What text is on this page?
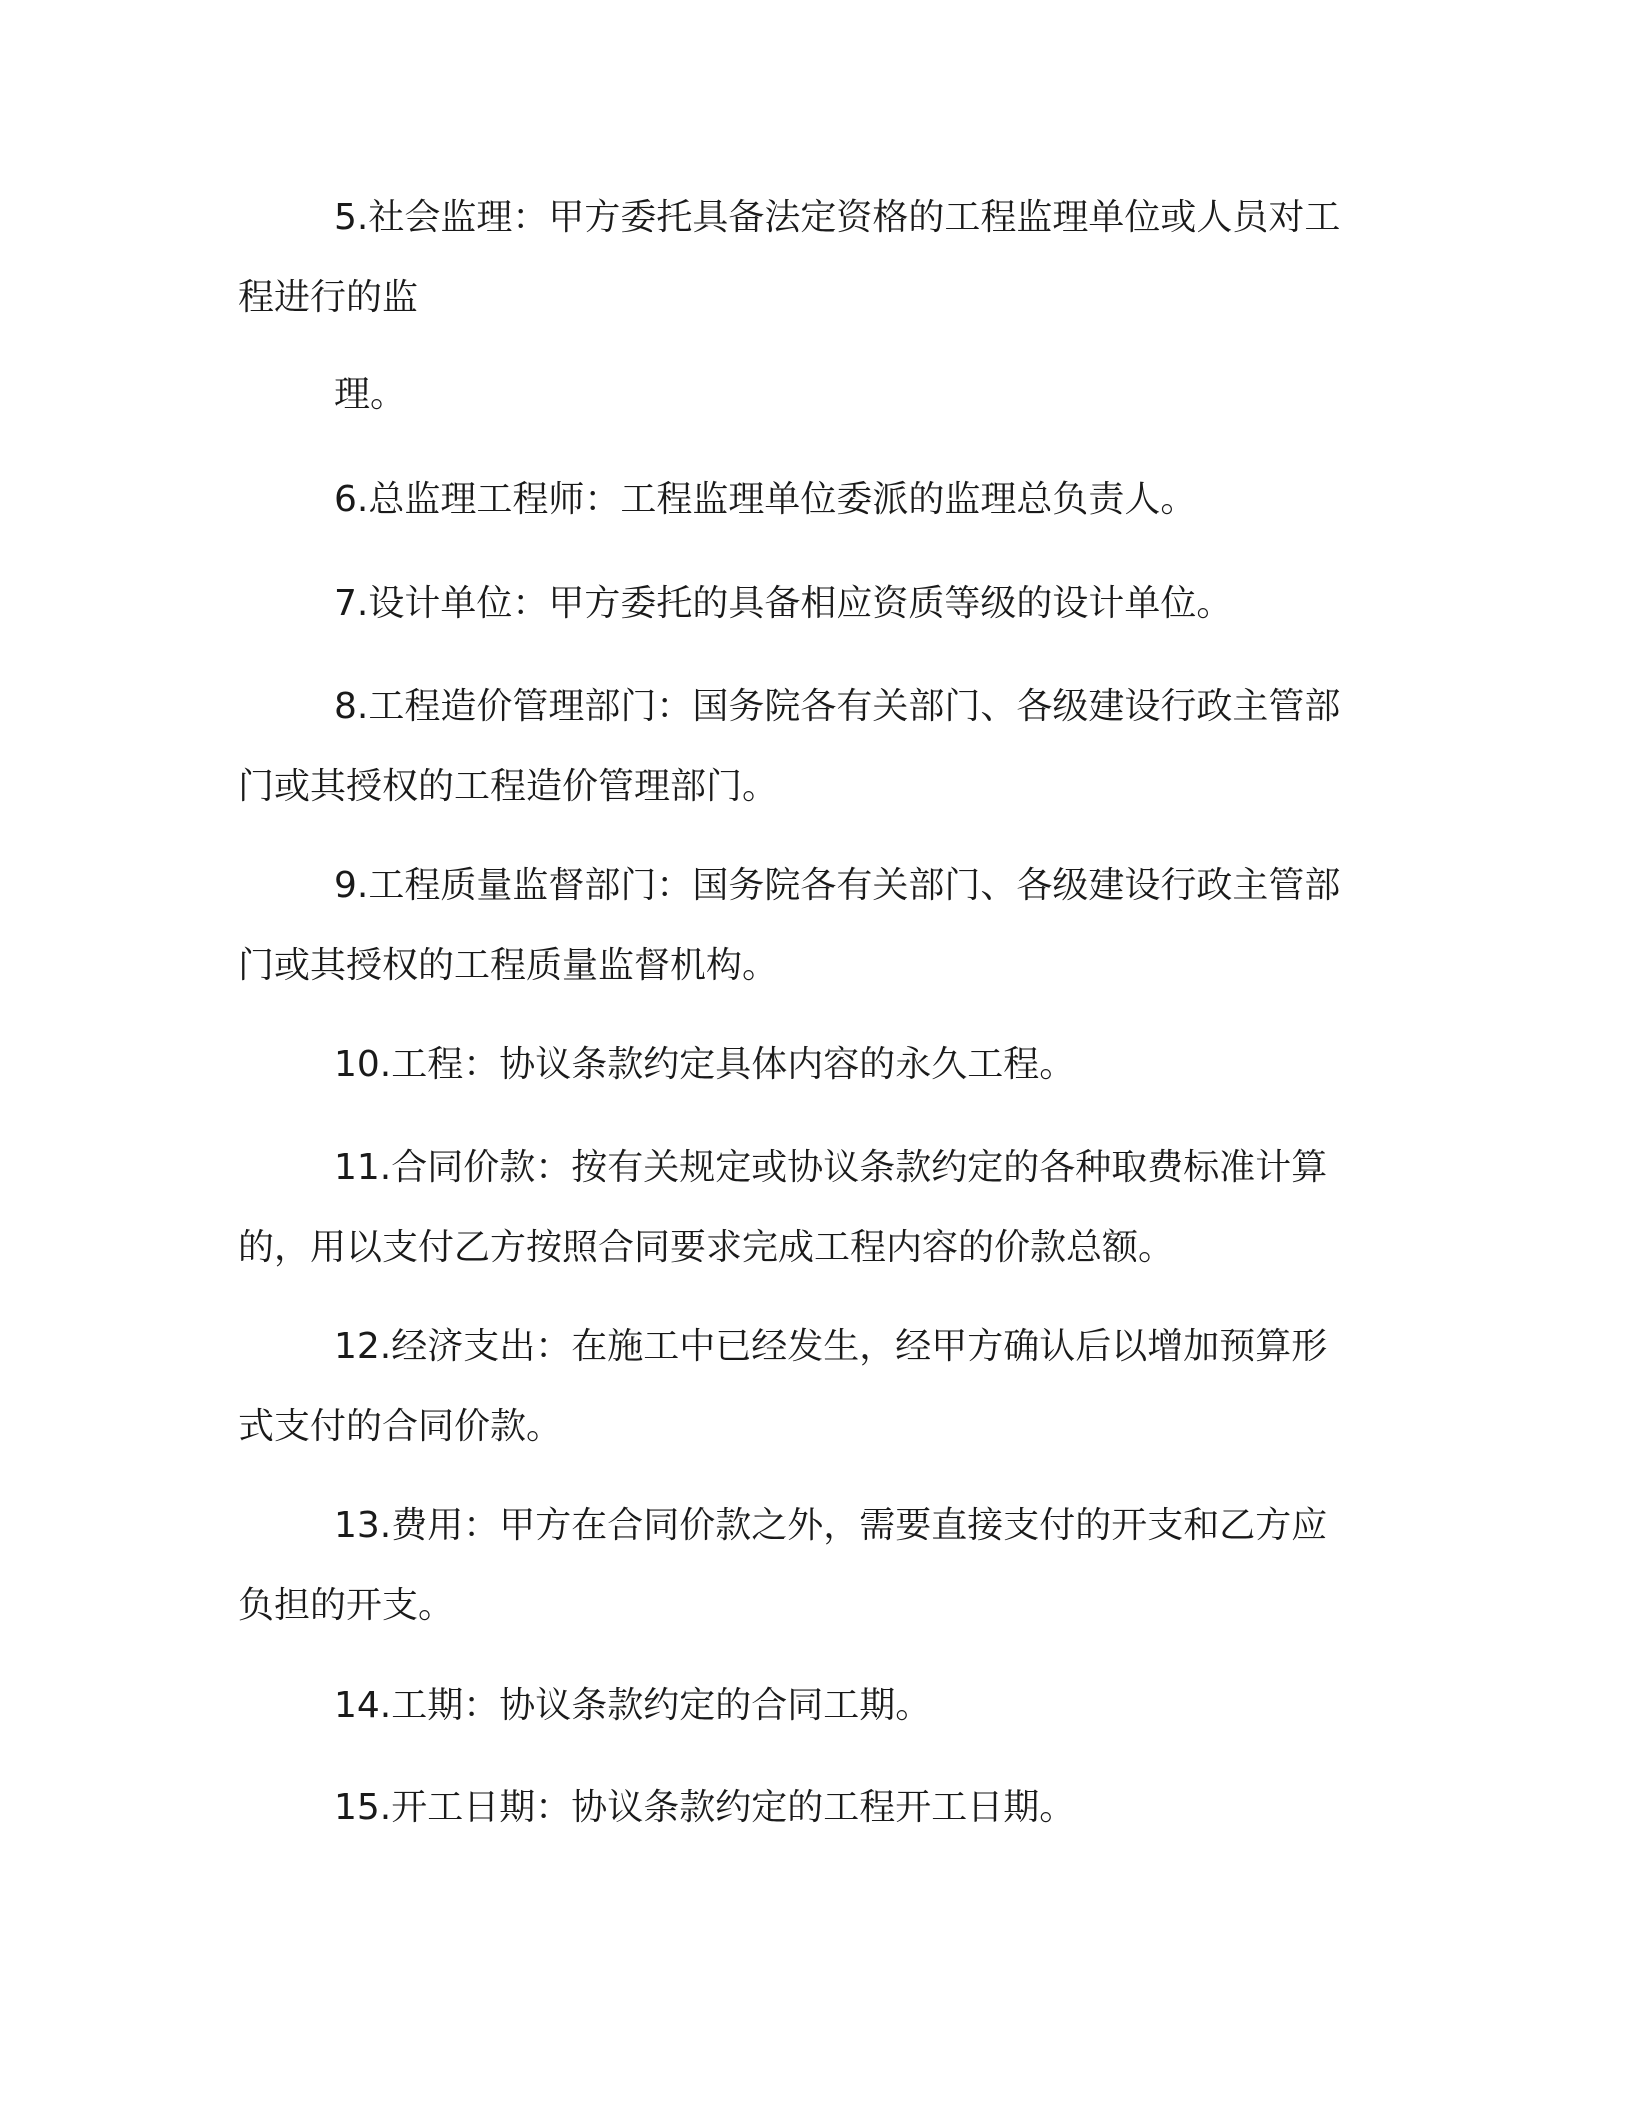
5.社会监理：甲方委托具备法定资格的工程监理单位或人员对工
程进行的监
理。
6.总监理工程师：工程监理单位委派的监理总负责人。
7.设计单位：甲方委托的具备相应资质等级的设计单位。
8.工程造价管理部门：国务院各有关部门、各级建设行政主管部
门或其授权的工程造价管理部门。
9.工程质量监督部门：国务院各有关部门、各级建设行政主管部
门或其授权的工程质量监督机构。
10.工程：协议条款约定具体内容的永久工程。
11.合同价款：按有关规定或协议条款约定的各种取费标准计算
的，用以支付乙方按照合同要求完成工程内容的价款总额。
12.经济支出：在施工中已经发生，经甲方确认后以增加预算形
式支付的合同价款。
13.费用：甲方在合同价款之外，需要直接支付的开支和乙方应
负担的开支。
14.工期：协议条款约定的合同工期。
15.开工日期：协议条款约定的工程开工日期。
